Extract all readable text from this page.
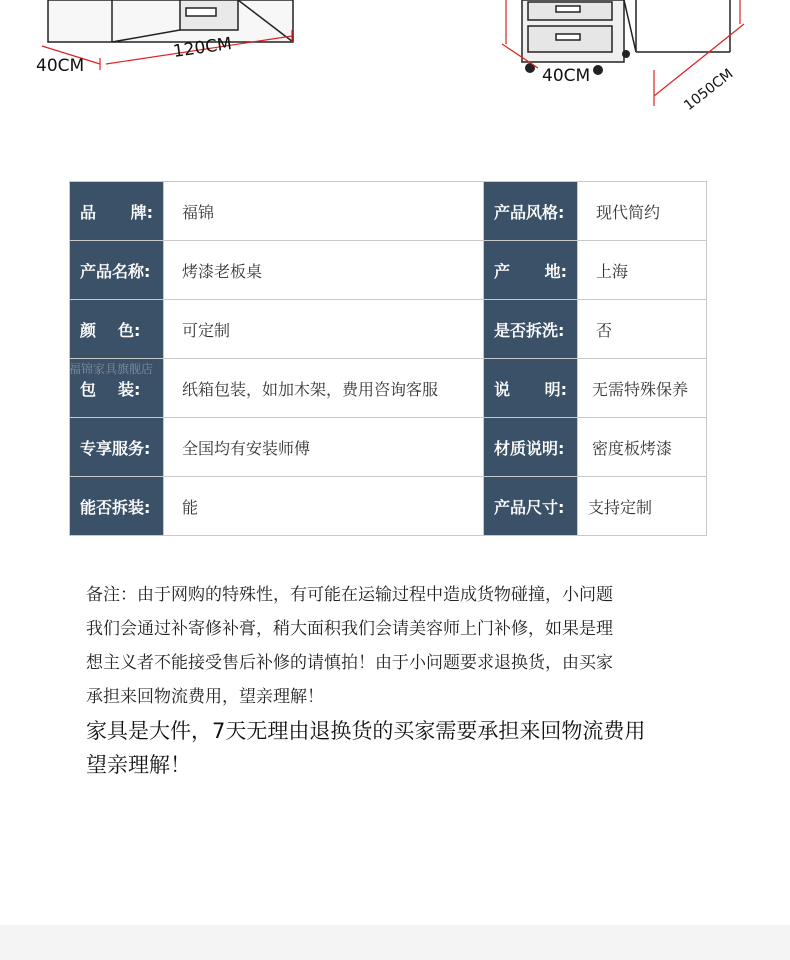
40CM
120CM
40CM	1050CM
品 牌:	福锦	产品风格:	现代简约

产品名称:	烤漆老板桌	产 地:	上海

颜 色:	可定制	是否拆洗:	否

包 装:	纸箱包装，如加木架，费用咨询客服	说 明:	无需特殊保养

专享服务:	全国均有安装师傅	材质说明:	密度板烤漆

能否拆装:	能	产品尺寸:	支持定制
福锦家具旗舰店

备注：由于网购的特殊性，有可能在运输过程中造成货物碰撞，小问题

我们会通过补寄修补膏，稍大面积我们会请美容师上门补修，如果是理

想主义者不能接受售后补修的请慎拍！由于小问题要求退换货，由买家

承担来回物流费用，望亲理解！

家具是大件，7天无理由退换货的买家需要承担来回物流费用

望亲理解！
